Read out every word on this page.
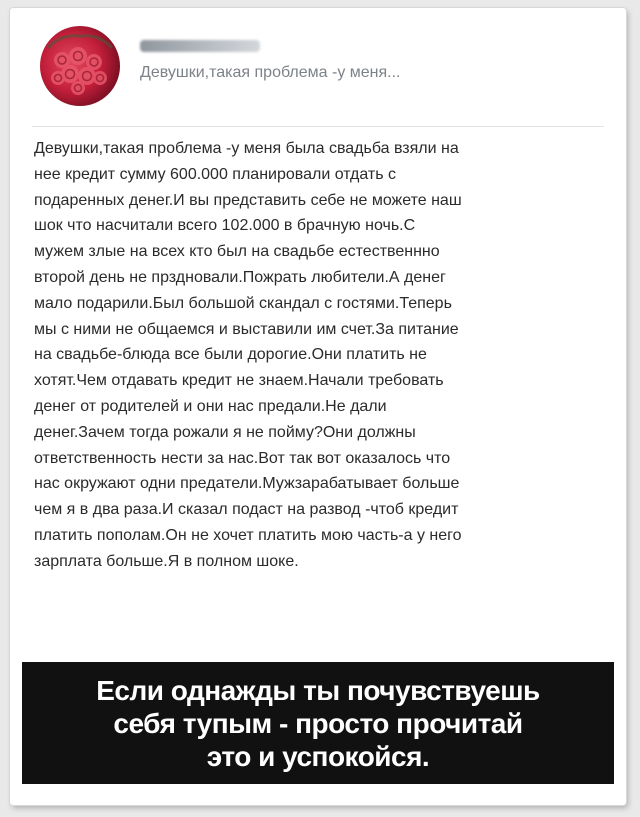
Девушки,такая проблема -у меня...
Девушки,такая проблема -у меня была свадьба взяли на
нее кредит сумму 600.000 планировали отдать с
подаренных денег.И вы представить себе не можете наш
шок что насчитали всего 102.000 в брачную ночь.С
мужем злые на всех кто был на свадьбе естественнно
второй день не прздновали.Пожрать любители.А денег
мало подарили.Был большой скандал с гостями.Теперь
мы с ними не общаемся и выставили им счет.За питание
на свадьбе-блюда все были дорогие.Они платить не
хотят.Чем отдавать кредит не знаем.Начали требовать
денег от родителей и они нас предали.Не дали
денег.Зачем тогда рожали я не пойму?Они должны
ответственность нести за нас.Вот так вот оказалось что
нас окружают одни предатели.Мужзарабатывает больше
чем я в два раза.И сказал подаст на развод -чтоб кредит
платить пополам.Он не хочет платить мою часть-а у него
зарплата больше.Я в полном шоке.
Если однажды ты почувствуешь
себя тупым - просто прочитай
это и успокойся.
